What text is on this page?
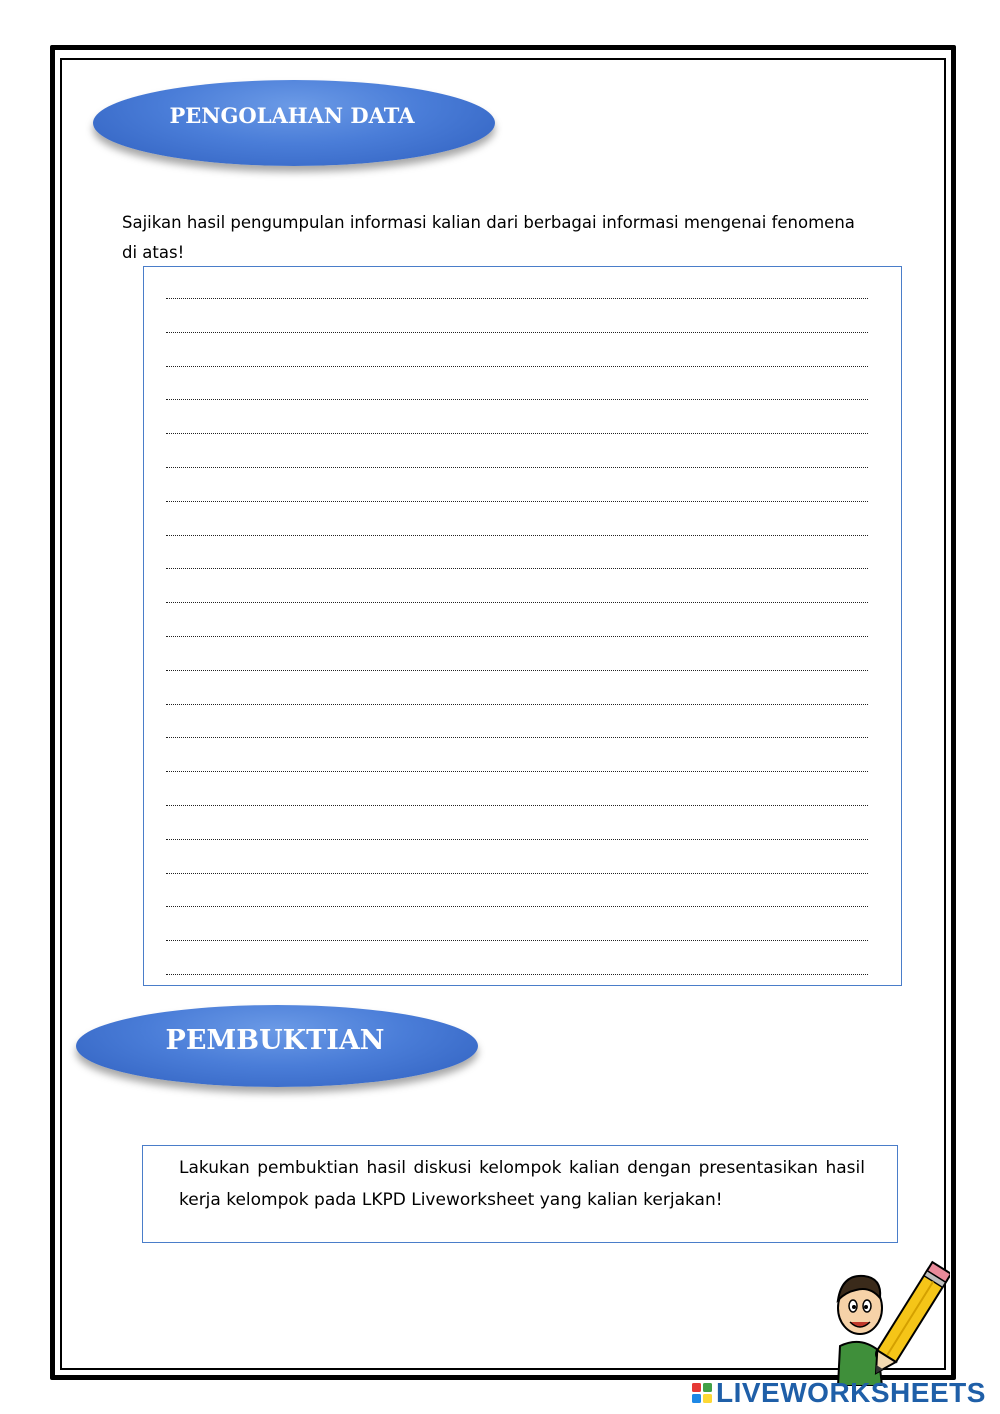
PENGOLAHAN DATA
Sajikan hasil pengumpulan informasi kalian dari berbagai informasi mengenai fenomena di atas!
PEMBUKTIAN
Lakukan pembuktian hasil diskusi kelompok kalian dengan presentasikan hasil kerja kelompok pada LKPD Liveworksheet yang kalian kerjakan!
LIVEWORKSHEETS
